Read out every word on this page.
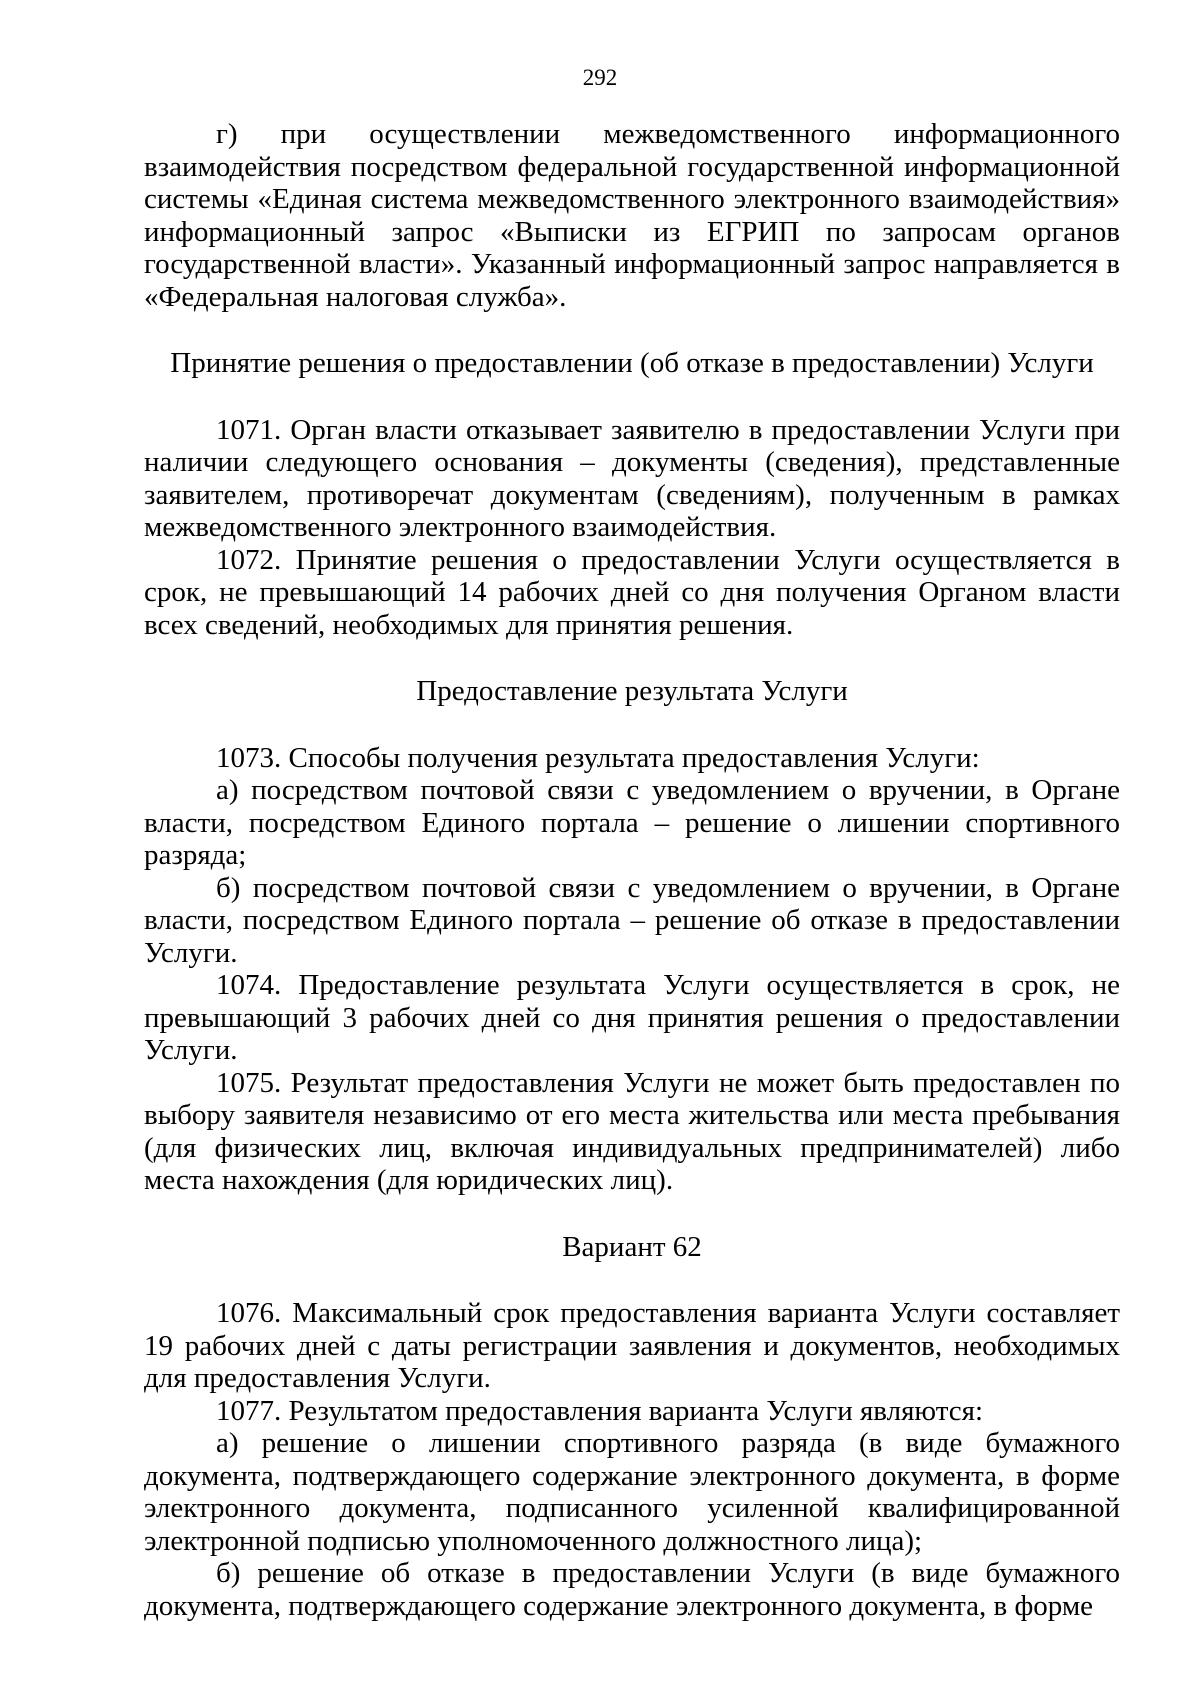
292

г) при осуществлении межведомственного информационного взаимодействия посредством федеральной государственной информационной системы «Единая система межведомственного электронного взаимодействия» информационный запрос «Выписки из ЕГРИП по запросам органов государственной власти». Указанный информационный запрос направляется в «Федеральная налоговая служба».

Принятие решения о предоставлении (об отказе в предоставлении) Услуги

1071. Орган власти отказывает заявителю в предоставлении Услуги при наличии следующего основания – документы (сведения), представленные заявителем, противоречат документам (сведениям), полученным в рамках межведомственного электронного взаимодействия.

1072. Принятие решения о предоставлении Услуги осуществляется в срок, не превышающий 14 рабочих дней со дня получения Органом власти всех сведений, необходимых для принятия решения.

Предоставление результата Услуги

1073. Способы получения результата предоставления Услуги:

а) посредством почтовой связи с уведомлением о вручении, в Органе власти, посредством Единого портала – решение о лишении спортивного разряда;

б) посредством почтовой связи с уведомлением о вручении, в Органе власти, посредством Единого портала – решение об отказе в предоставлении Услуги.

1074. Предоставление результата Услуги осуществляется в срок, не превышающий 3 рабочих дней со дня принятия решения о предоставлении Услуги.

1075. Результат предоставления Услуги не может быть предоставлен по выбору заявителя независимо от его места жительства или места пребывания (для физических лиц, включая индивидуальных предпринимателей) либо места нахождения (для юридических лиц).

Вариант 62

1076. Максимальный срок предоставления варианта Услуги составляет 19 рабочих дней с даты регистрации заявления и документов, необходимых для предоставления Услуги.

1077. Результатом предоставления варианта Услуги являются:

а) решение о лишении спортивного разряда (в виде бумажного документа, подтверждающего содержание электронного документа, в форме электронного документа, подписанного усиленной квалифицированной электронной подписью уполномоченного должностного лица);

б) решение об отказе в предоставлении Услуги (в виде бумажного документа, подтверждающего содержание электронного документа, в форме
